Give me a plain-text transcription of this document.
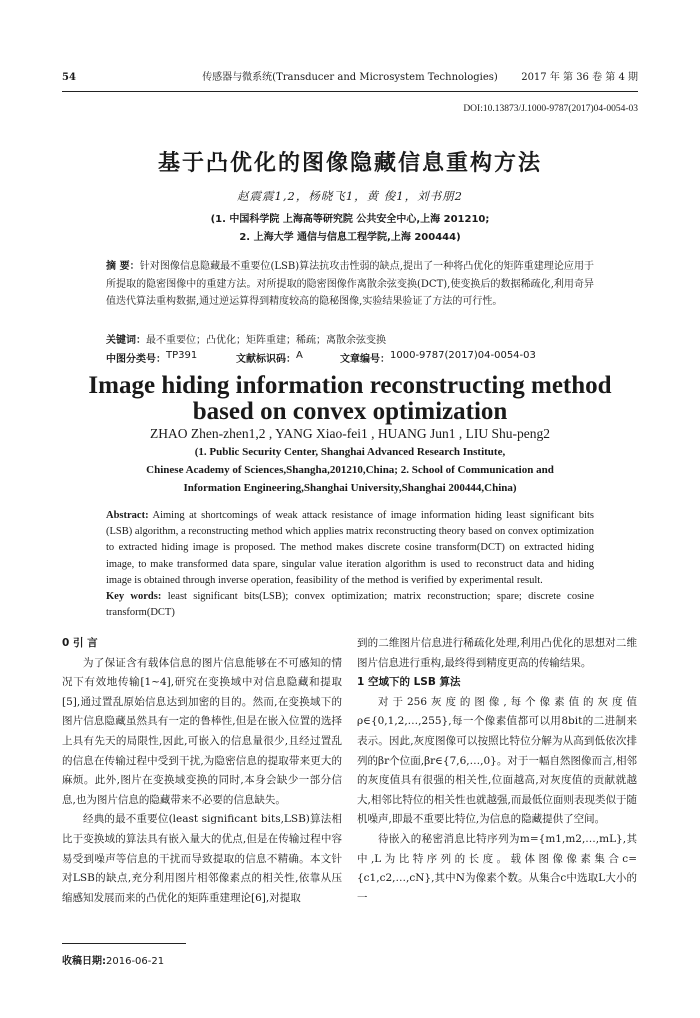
54	传感器与微系统(Transducer and Microsystem Technologies)	2017 年 第 36 卷 第 4 期
DOI:10.13873/J.1000-9787(2017)04-0054-03
基于凸优化的图像隐藏信息重构方法
赵震震1,2，杨晓飞1，黄 俊1，刘书朋2
(1. 中国科学院 上海高等研究院 公共安全中心,上海 201210;
2. 上海大学 通信与信息工程学院,上海 200444)
摘 要：针对图像信息隐藏最不重要位(LSB)算法抗攻击性弱的缺点,提出了一种将凸优化的矩阵重建理论应用于所提取的隐密图像中的重建方法。对所提取的隐密图像作离散余弦变换(DCT),使变换后的数据稀疏化,利用奇异值迭代算法重构数据,通过逆运算得到精度较高的隐秘图像,实验结果验证了方法的可行性。
关键词：最不重要位；凸优化；矩阵重建；稀疏；离散余弦变换
中图分类号： TP391	文献标识码： A	文章编号： 1000-9787(2017)04-0054-03
Image hiding information reconstructing method
based on convex optimization
ZHAO Zhen-zhen1,2 , YANG Xiao-fei1 , HUANG Jun1 , LIU Shu-peng2
(1. Public Security Center, Shanghai Advanced Research Institute,
Chinese Academy of Sciences,Shangha,201210,China; 2. School of Communication and
Information Engineering,Shanghai University,Shanghai 200444,China)
Abstract: Aiming at shortcomings of weak attack resistance of image information hiding least significant bits (LSB) algorithm, a reconstructing method which applies matrix reconstructing theory based on convex optimization to extracted hiding image is proposed. The method makes discrete cosine transform(DCT) on extracted hiding image, to make transformed data spare, singular value iteration algorithm is used to reconstruct data and hiding image is obtained through inverse operation, feasibility of the method is verified by experimental result.
Key words: least significant bits(LSB); convex optimization; matrix reconstruction; spare; discrete cosine transform(DCT)

0 引 言

为了保证含有载体信息的图片信息能够在不可感知的情况下有效地传输[1~4],研究在变换域中对信息隐藏和提取[5],通过置乱原始信息达到加密的目的。然而,在变换域下的图片信息隐藏虽然具有一定的鲁棒性,但是在嵌入位置的选择上具有先天的局限性,因此,可嵌入的信息量很少,且经过置乱的信息在传输过程中受到干扰,为隐密信息的提取带来更大的麻烦。此外,图片在变换域变换的同时,本身会缺少一部分信息,也为图片信息的隐藏带来不必要的信息缺失。

经典的最不重要位(least significant bits,LSB)算法相比于变换域的算法具有嵌入量大的优点,但是在传输过程中容易受到噪声等信息的干扰而导致提取的信息不精确。本文针对LSB的缺点,充分利用图片相邻像素点的相关性,依靠从压缩感知发展而来的凸优化的矩阵重建理论[6],对提取

到的二维图片信息进行稀疏化处理,利用凸优化的思想对二维图片信息进行重构,最终得到精度更高的传输结果。

1 空域下的 LSB 算法

对于256灰度的图像,每个像素值的灰度值ρ∈{0,1,2,…,255},每一个像素值都可以用8bit的二进制来表示。因此,灰度图像可以按照比特位分解为从高到低依次排列的βr个位面,βr∈{7,6,…,0}。对于一幅自然图像而言,相邻的灰度值具有很强的相关性,位面越高,对灰度值的贡献就越大,相邻比特位的相关性也就越强,而最低位面则表现类似于随机噪声,即最不重要比特位,为信息的隐藏提供了空间。

待嵌入的秘密消息比特序列为m={m1,m2,…,mL},其中,L为比特序列的长度。载体图像像素集合c={c1,c2,…,cN},其中N为像素个数。从集合c中选取L大小的一

收稿日期:2016-06-21
